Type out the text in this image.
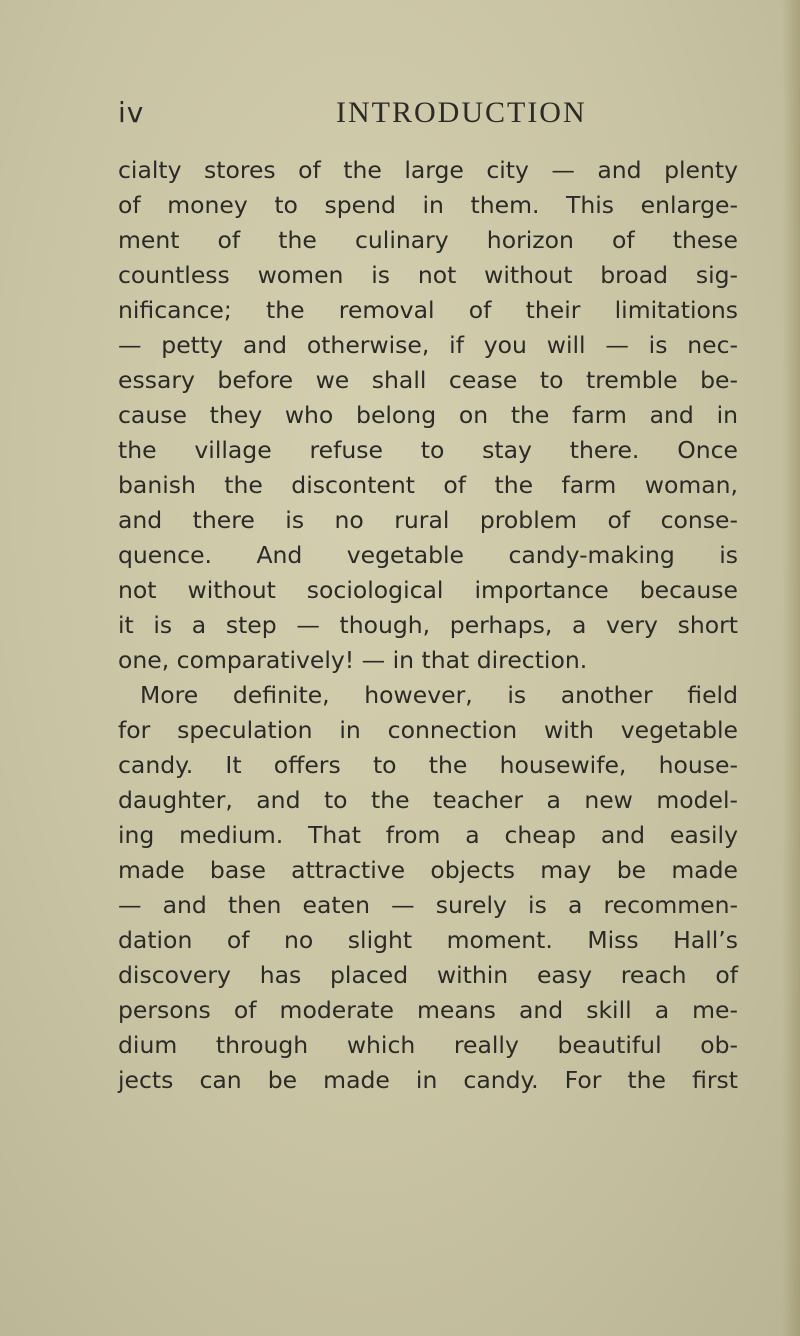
iv	INTRODUCTION
cialty stores of the large city — and plenty
of money to spend in them. This enlarge-
ment of the culinary horizon of these
countless women is not without broad sig-
nificance; the removal of their limitations
— petty and otherwise, if you will — is nec-
essary before we shall cease to tremble be-
cause they who belong on the farm and in
the village refuse to stay there. Once
banish the discontent of the farm woman,
and there is no rural problem of conse-
quence. And vegetable candy-making is
not without sociological importance because
it is a step — though, perhaps, a very short
one, comparatively! — in that direction.
More definite, however, is another field
for speculation in connection with vegetable
candy. It offers to the housewife, house-
daughter, and to the teacher a new model-
ing medium. That from a cheap and easily
made base attractive objects may be made
— and then eaten — surely is a recommen-
dation of no slight moment. Miss Hall’s
discovery has placed within easy reach of
persons of moderate means and skill a me-
dium through which really beautiful ob-
jects can be made in candy. For the first
